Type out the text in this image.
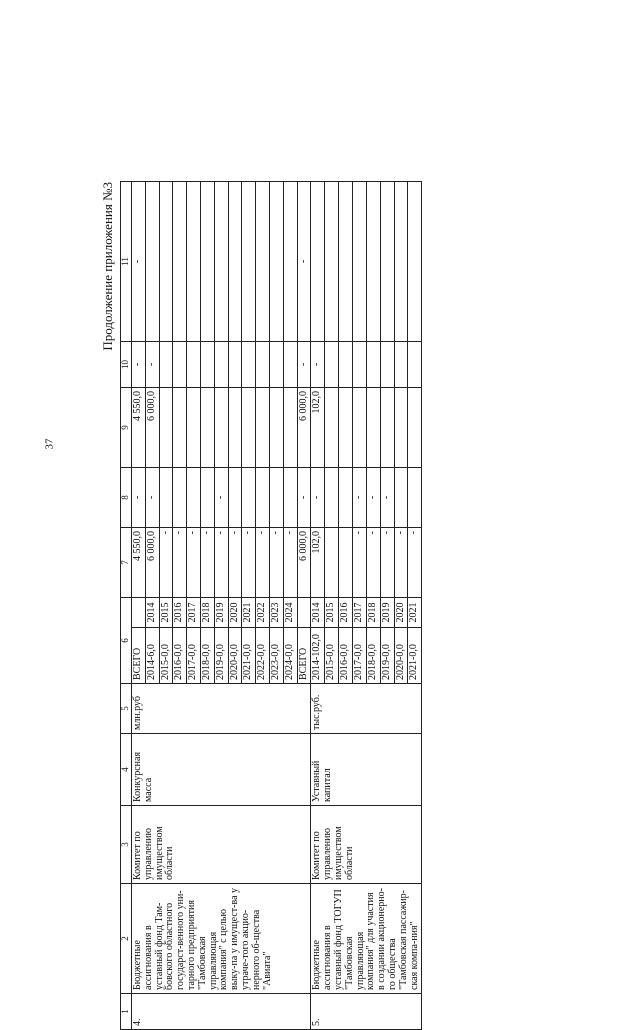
37
Продолжение приложения №3
1	2	3	4	5	6		7	8	9	10	11
4.	Бюджетные ассигнования в уставный фонд Там-бовского областного государст-венного уни-тарного предприятия "Тамбовская управляющая компания" с целью выку-па у имущест-ва у утраче-того акцио-нерного об-щества "Авиата"	Комитет по управлению имуществом области	Конкурсная масса	млн.руб	ВСЕГО		4 550,0	-	4 550,0	-	-
					2014-6,0	2014	6 000,0	-	6 000,0	-	
					2015-0,0	2015	-				
					2016-0,0	2016	-				
					2017-0,0	2017	-				
					2018-0,0	2018	-				
					2019-0,0	2019	-	-			
					2020-0,0	2020	-				
					2021-0,0	2021	-				
					2022-0,0	2022	-				
					2023-0,0	2023	-				
					2024-0,0	2024	-				
					ВСЕГО		6 000,0	-	6 000,0	-	-
5.	Бюджетные ассигнования в уставный фонд ТОГУП "Тамбовская управляющая компания" для участия в создании акционерно-го общества "Тамбовская пассажир-ская компа-ния"	Комитет по управлению имуществом области	Уставный капитал	тыс.руб.	2014-102,0	2014	102,0	-	102,0	-	
					2015-0,0	2015					
					2016-0,0	2016					
					2017-0,0	2017	-	-			
					2018-0,0	2018	-	-			
					2019-0,0	2019	-	-			
					2020-0,0	2020	-				
					2021-0,0	2021	-				
